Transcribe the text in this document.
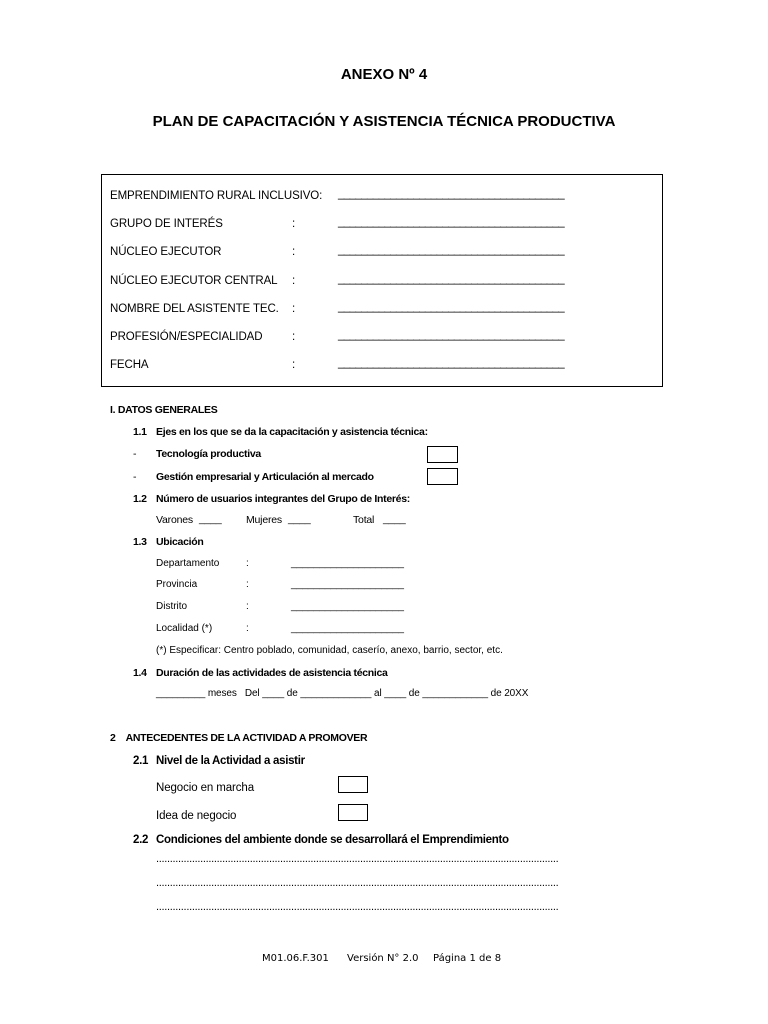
ANEXO Nº 4
PLAN DE CAPACITACIÓN Y ASISTENCIA TÉCNICA PRODUCTIVA
EMPRENDIMIENTO RURAL INCLUSIVO: _______________________________________
GRUPO DE INTERÉS	:	_______________________________________
NÚCLEO EJECUTOR	:	_______________________________________
NÚCLEO EJECUTOR CENTRAL :	_______________________________________
NOMBRE DEL ASISTENTE TEC. :	_______________________________________
PROFESIÓN/ESPECIALIDAD	:	_______________________________________
FECHA	:	_______________________________________
I. DATOS GENERALES
1.1 Ejes en los que se da la capacitación y asistencia técnica:
- Tecnología productiva
- Gestión empresarial y Articulación al mercado
1.2 Número de usuarios integrantes del Grupo de Interés:
Varones ____ Mujeres ____	Total ____
1.3 Ubicación
Departamento	:	____________________
Provincia	:	____________________
Distrito	:	____________________
Localidad (*)	:	____________________
(*) Especificar: Centro poblado, comunidad, caserío, anexo, barrio, sector, etc.
1.4 Duración de las actividades de asistencia técnica
_________ meses   Del ____ de _____________ al ____ de ____________ de 20XX
2    ANTECEDENTES DE LA ACTIVIDAD A PROMOVER
2.1 Nivel de la Actividad a asistir
Negocio en marcha
Idea de negocio
2.2 Condiciones del ambiente donde se desarrollará el Emprendimiento
..................................................................................................................................................
..................................................................................................................................................
..................................................................................................................................................
M01.06.F.301 Versión N° 2.0 Página 1 de 8
